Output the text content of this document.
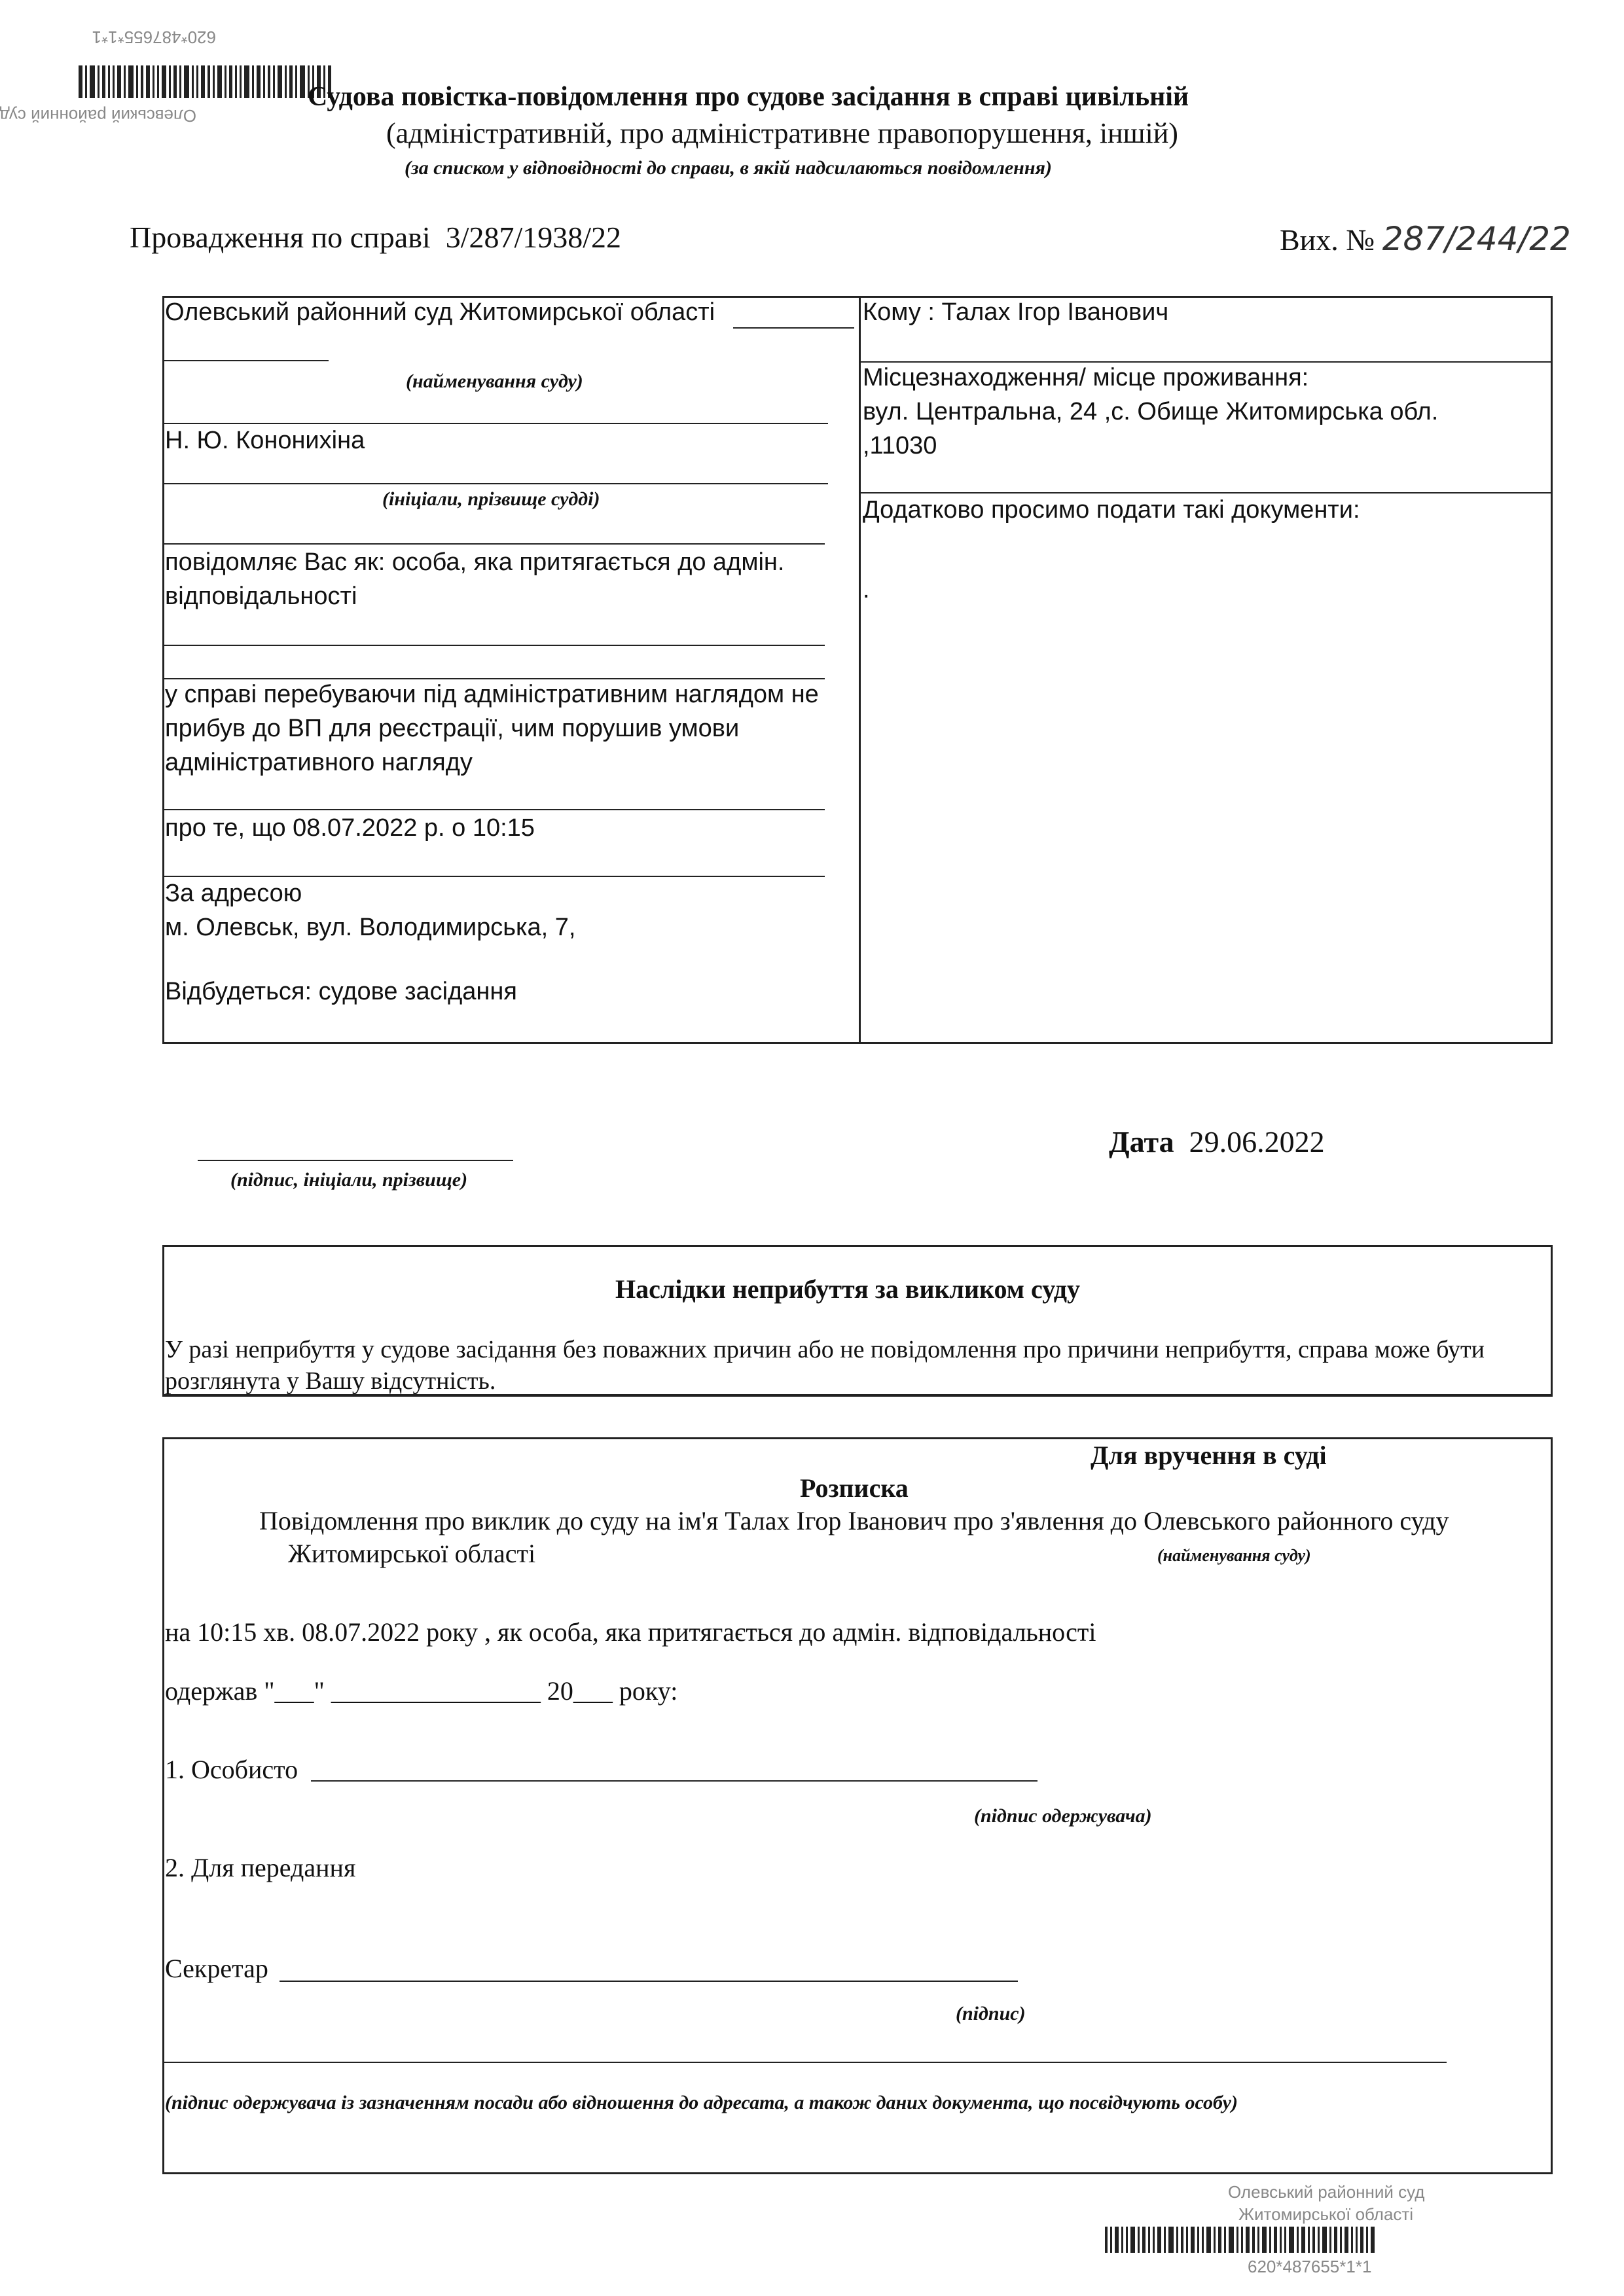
620*487655*1*1
Олевський районний суд
Судова повістка-повідомлення про судове засідання в справі цивільній
(адміністративній, про адміністративне правопорушення, іншій)
(за списком у відповідності до справи, в якій надсилаються повідомлення)
Провадження по справі 3/287/1938/22	Вих. № 287/244/22
Олевський районний суд Житомирської області
(найменування суду)
Н. Ю. Кононихіна
(ініціали, прізвище судді)
повідомляє Вас як: особа, яка притягається до адмін.
відповідальності
у справі перебуваючи під адміністративним наглядом не
прибув до ВП для реєстрації, чим порушив умови
адміністративного нагляду
про те, що 08.07.2022 р. о 10:15
За адресою
м. Олевськ, вул. Володимирська, 7,
Відбудеться: судове засідання
Кому : Талах Ігор Іванович
Місцезнаходження/ місце проживання:
вул. Центральна, 24 ,с. Обище Житомирська обл.
,11030
Додатково просимо подати такі документи:
.
(підпис, ініціали, прізвище)
Дата 29.06.2022
Наслідки неприбуття за викликом суду
У разі неприбуття у судове засідання без поважних причин або не повідомлення про причини неприбуття, справа може бути
розглянута у Вашу відсутність.
Для вручення в суді
Розписка
Повідомлення про виклик до суду на ім'я Талах Ігор Іванович про з'явлення до Олевського районного суду
Житомирської області	(найменування суду)
на 10:15 хв. 08.07.2022 року , як особа, яка притягається до адмін. відповідальності
одержав "___" ________________ 20___ року:
1. Особисто
(підпис одержувача)
2. Для передання
Секретар
(підпис)
(підпис одержувача із зазначенням посади або відношення до адресата, а також даних документа, що посвідчують особу)
Олевський районний суд
Житомирської області
620*487655*1*1
